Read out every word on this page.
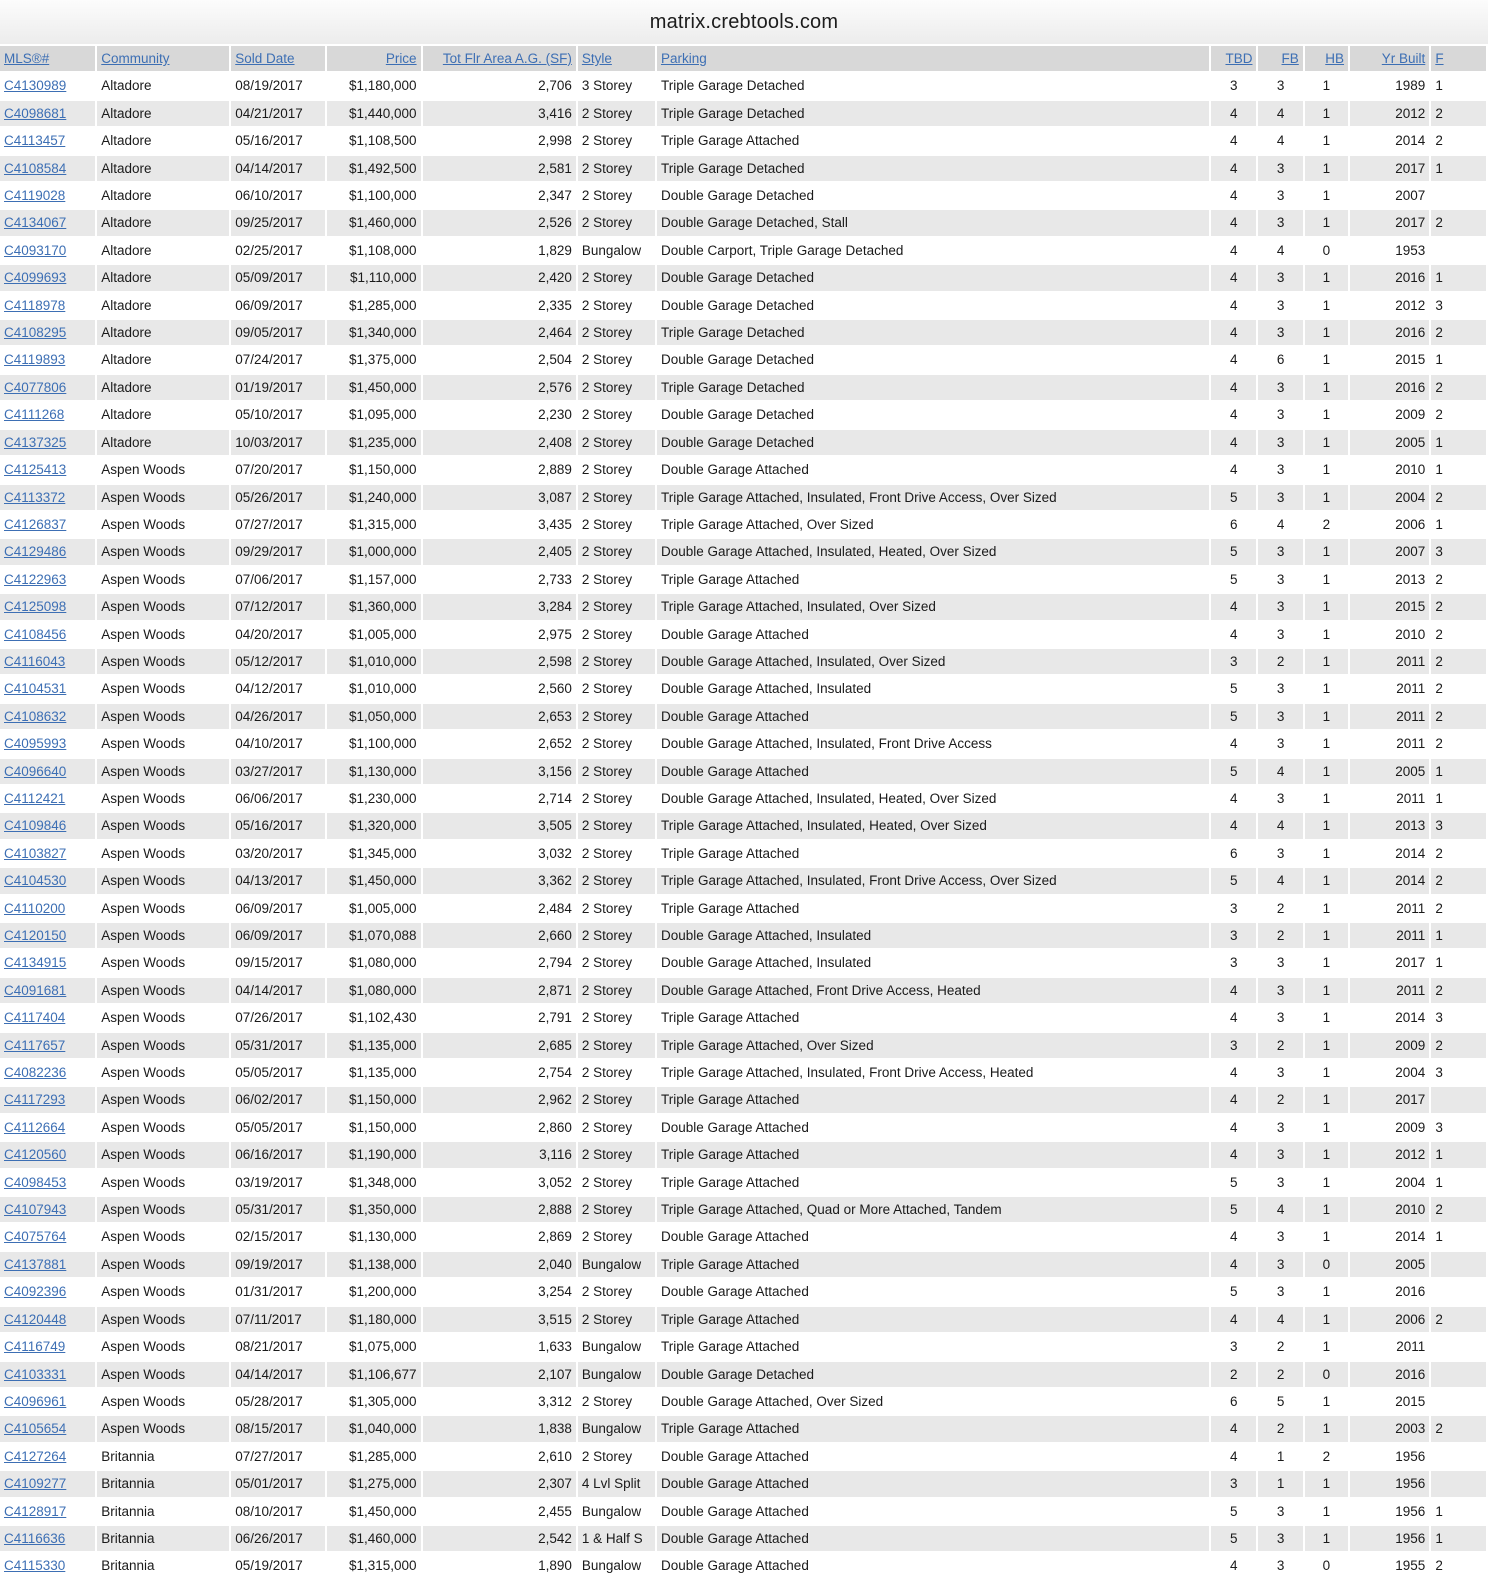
matrix.crebtools.com
MLS®#	Community	Sold Date	Price	Tot Flr Area A.G. (SF)	Style	Parking	TBD	FB	HB	Yr Built	F
C4130989	Altadore	08/19/2017	$1,180,000	2,706	3 Storey	Triple Garage Detached	3	3	1	1989	1
C4098681	Altadore	04/21/2017	$1,440,000	3,416	2 Storey	Triple Garage Detached	4	4	1	2012	2
C4113457	Altadore	05/16/2017	$1,108,500	2,998	2 Storey	Triple Garage Attached	4	4	1	2014	2
C4108584	Altadore	04/14/2017	$1,492,500	2,581	2 Storey	Triple Garage Detached	4	3	1	2017	1
C4119028	Altadore	06/10/2017	$1,100,000	2,347	2 Storey	Double Garage Detached	4	3	1	2007	
C4134067	Altadore	09/25/2017	$1,460,000	2,526	2 Storey	Double Garage Detached, Stall	4	3	1	2017	2
C4093170	Altadore	02/25/2017	$1,108,000	1,829	Bungalow	Double Carport, Triple Garage Detached	4	4	0	1953	
C4099693	Altadore	05/09/2017	$1,110,000	2,420	2 Storey	Double Garage Detached	4	3	1	2016	1
C4118978	Altadore	06/09/2017	$1,285,000	2,335	2 Storey	Double Garage Detached	4	3	1	2012	3
C4108295	Altadore	09/05/2017	$1,340,000	2,464	2 Storey	Triple Garage Detached	4	3	1	2016	2
C4119893	Altadore	07/24/2017	$1,375,000	2,504	2 Storey	Double Garage Detached	4	6	1	2015	1
C4077806	Altadore	01/19/2017	$1,450,000	2,576	2 Storey	Triple Garage Detached	4	3	1	2016	2
C4111268	Altadore	05/10/2017	$1,095,000	2,230	2 Storey	Double Garage Detached	4	3	1	2009	2
C4137325	Altadore	10/03/2017	$1,235,000	2,408	2 Storey	Double Garage Detached	4	3	1	2005	1
C4125413	Aspen Woods	07/20/2017	$1,150,000	2,889	2 Storey	Double Garage Attached	4	3	1	2010	1
C4113372	Aspen Woods	05/26/2017	$1,240,000	3,087	2 Storey	Triple Garage Attached, Insulated, Front Drive Access, Over Sized	5	3	1	2004	2
C4126837	Aspen Woods	07/27/2017	$1,315,000	3,435	2 Storey	Triple Garage Attached, Over Sized	6	4	2	2006	1
C4129486	Aspen Woods	09/29/2017	$1,000,000	2,405	2 Storey	Double Garage Attached, Insulated, Heated, Over Sized	5	3	1	2007	3
C4122963	Aspen Woods	07/06/2017	$1,157,000	2,733	2 Storey	Triple Garage Attached	5	3	1	2013	2
C4125098	Aspen Woods	07/12/2017	$1,360,000	3,284	2 Storey	Triple Garage Attached, Insulated, Over Sized	4	3	1	2015	2
C4108456	Aspen Woods	04/20/2017	$1,005,000	2,975	2 Storey	Double Garage Attached	4	3	1	2010	2
C4116043	Aspen Woods	05/12/2017	$1,010,000	2,598	2 Storey	Double Garage Attached, Insulated, Over Sized	3	2	1	2011	2
C4104531	Aspen Woods	04/12/2017	$1,010,000	2,560	2 Storey	Double Garage Attached, Insulated	5	3	1	2011	2
C4108632	Aspen Woods	04/26/2017	$1,050,000	2,653	2 Storey	Double Garage Attached	5	3	1	2011	2
C4095993	Aspen Woods	04/10/2017	$1,100,000	2,652	2 Storey	Double Garage Attached, Insulated, Front Drive Access	4	3	1	2011	2
C4096640	Aspen Woods	03/27/2017	$1,130,000	3,156	2 Storey	Double Garage Attached	5	4	1	2005	1
C4112421	Aspen Woods	06/06/2017	$1,230,000	2,714	2 Storey	Double Garage Attached, Insulated, Heated, Over Sized	4	3	1	2011	1
C4109846	Aspen Woods	05/16/2017	$1,320,000	3,505	2 Storey	Triple Garage Attached, Insulated, Heated, Over Sized	4	4	1	2013	3
C4103827	Aspen Woods	03/20/2017	$1,345,000	3,032	2 Storey	Triple Garage Attached	6	3	1	2014	2
C4104530	Aspen Woods	04/13/2017	$1,450,000	3,362	2 Storey	Triple Garage Attached, Insulated, Front Drive Access, Over Sized	5	4	1	2014	2
C4110200	Aspen Woods	06/09/2017	$1,005,000	2,484	2 Storey	Triple Garage Attached	3	2	1	2011	2
C4120150	Aspen Woods	06/09/2017	$1,070,088	2,660	2 Storey	Double Garage Attached, Insulated	3	2	1	2011	1
C4134915	Aspen Woods	09/15/2017	$1,080,000	2,794	2 Storey	Double Garage Attached, Insulated	3	3	1	2017	1
C4091681	Aspen Woods	04/14/2017	$1,080,000	2,871	2 Storey	Double Garage Attached, Front Drive Access, Heated	4	3	1	2011	2
C4117404	Aspen Woods	07/26/2017	$1,102,430	2,791	2 Storey	Triple Garage Attached	4	3	1	2014	3
C4117657	Aspen Woods	05/31/2017	$1,135,000	2,685	2 Storey	Triple Garage Attached, Over Sized	3	2	1	2009	2
C4082236	Aspen Woods	05/05/2017	$1,135,000	2,754	2 Storey	Triple Garage Attached, Insulated, Front Drive Access, Heated	4	3	1	2004	3
C4117293	Aspen Woods	06/02/2017	$1,150,000	2,962	2 Storey	Triple Garage Attached	4	2	1	2017	
C4112664	Aspen Woods	05/05/2017	$1,150,000	2,860	2 Storey	Double Garage Attached	4	3	1	2009	3
C4120560	Aspen Woods	06/16/2017	$1,190,000	3,116	2 Storey	Triple Garage Attached	4	3	1	2012	1
C4098453	Aspen Woods	03/19/2017	$1,348,000	3,052	2 Storey	Triple Garage Attached	5	3	1	2004	1
C4107943	Aspen Woods	05/31/2017	$1,350,000	2,888	2 Storey	Triple Garage Attached, Quad or More Attached, Tandem	5	4	1	2010	2
C4075764	Aspen Woods	02/15/2017	$1,130,000	2,869	2 Storey	Double Garage Attached	4	3	1	2014	1
C4137881	Aspen Woods	09/19/2017	$1,138,000	2,040	Bungalow	Triple Garage Attached	4	3	0	2005	
C4092396	Aspen Woods	01/31/2017	$1,200,000	3,254	2 Storey	Double Garage Attached	5	3	1	2016	
C4120448	Aspen Woods	07/11/2017	$1,180,000	3,515	2 Storey	Triple Garage Attached	4	4	1	2006	2
C4116749	Aspen Woods	08/21/2017	$1,075,000	1,633	Bungalow	Triple Garage Attached	3	2	1	2011	
C4103331	Aspen Woods	04/14/2017	$1,106,677	2,107	Bungalow	Double Garage Detached	2	2	0	2016	
C4096961	Aspen Woods	05/28/2017	$1,305,000	3,312	2 Storey	Double Garage Attached, Over Sized	6	5	1	2015	
C4105654	Aspen Woods	08/15/2017	$1,040,000	1,838	Bungalow	Triple Garage Attached	4	2	1	2003	2
C4127264	Britannia	07/27/2017	$1,285,000	2,610	2 Storey	Double Garage Attached	4	1	2	1956	
C4109277	Britannia	05/01/2017	$1,275,000	2,307	4 Lvl Split	Double Garage Attached	3	1	1	1956	
C4128917	Britannia	08/10/2017	$1,450,000	2,455	Bungalow	Double Garage Attached	5	3	1	1956	1
C4116636	Britannia	06/26/2017	$1,460,000	2,542	1 & Half S	Double Garage Attached	5	3	1	1956	1
C4115330	Britannia	05/19/2017	$1,315,000	1,890	Bungalow	Double Garage Attached	4	3	0	1955	2
